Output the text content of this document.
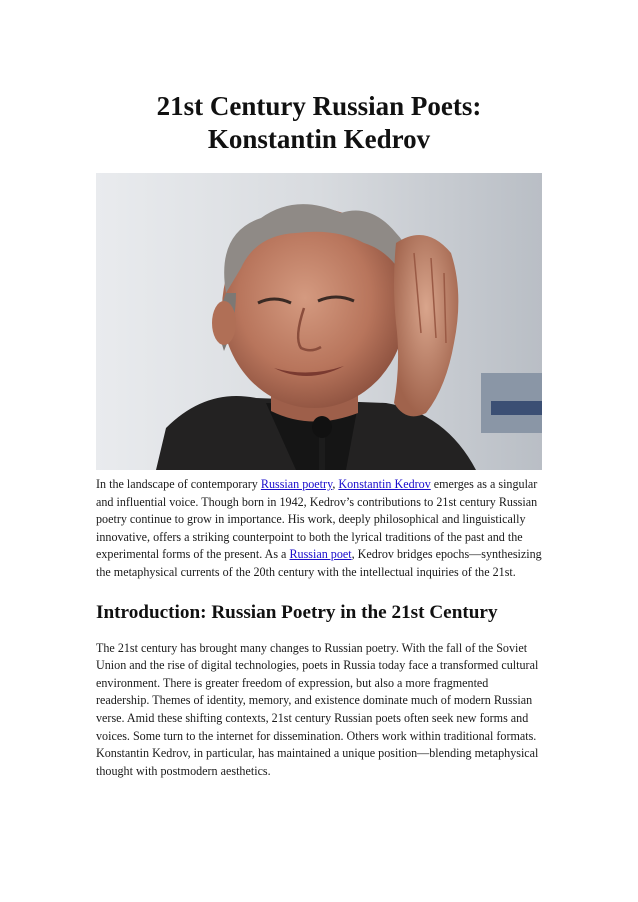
21st Century Russian Poets: Konstantin Kedrov

In the landscape of contemporary Russian poetry, Konstantin Kedrov emerges as a singular and influential voice. Though born in 1942, Kedrov’s contributions to 21st century Russian poetry continue to grow in importance. His work, deeply philosophical and linguistically innovative, offers a striking counterpoint to both the lyrical traditions of the past and the experimental forms of the present. As a Russian poet, Kedrov bridges epochs—synthesizing the metaphysical currents of the 20th century with the intellectual inquiries of the 21st.

Introduction: Russian Poetry in the 21st Century

The 21st century has brought many changes to Russian poetry. With the fall of the Soviet Union and the rise of digital technologies, poets in Russia today face a transformed cultural environment. There is greater freedom of expression, but also a more fragmented readership. Themes of identity, memory, and existence dominate much of modern Russian verse. Amid these shifting contexts, 21st century Russian poets often seek new forms and voices. Some turn to the internet for dissemination. Others work within traditional formats. Konstantin Kedrov, in particular, has maintained a unique position—blending metaphysical thought with postmodern aesthetics.
